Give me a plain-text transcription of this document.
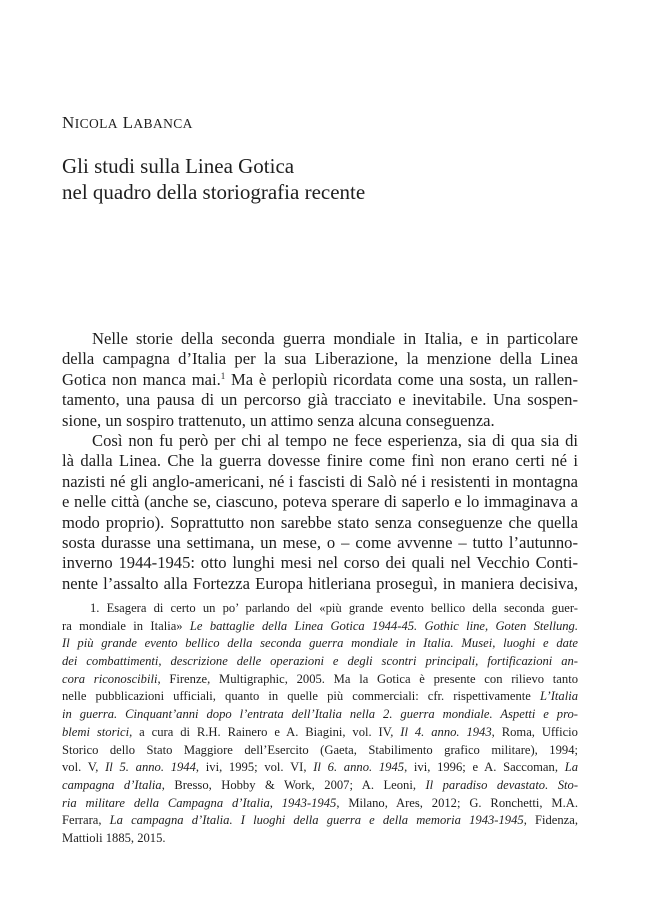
NICOLA LABANCA
Gli studi sulla Linea Gotica
nel quadro della storiografia recente
Nelle storie della seconda guerra mondiale in Italia, e in particolare
della campagna d’Italia per la sua Liberazione, la menzione della Linea
Gotica non manca mai.$^1$ Ma è perlopiù ricordata come una sosta, un rallen-
tamento, una pausa di un percorso già tracciato e inevitabile. Una sospen-
sione, un sospiro trattenuto, un attimo senza alcuna conseguenza.
Così non fu però per chi al tempo ne fece esperienza, sia di qua sia di
là dalla Linea. Che la guerra dovesse finire come finì non erano certi né i
nazisti né gli anglo-americani, né i fascisti di Salò né i resistenti in montagna
e nelle città (anche se, ciascuno, poteva sperare di saperlo e lo immaginava a
modo proprio). Soprattutto non sarebbe stato senza conseguenze che quella
sosta durasse una settimana, un mese, o – come avvenne – tutto l’autunno-
inverno 1944-1945: otto lunghi mesi nel corso dei quali nel Vecchio Conti-
nente l’assalto alla Fortezza Europa hitleriana proseguì, in maniera decisiva,
1. Esagera di certo un po’ parlando del «più grande evento bellico della seconda guer-
ra mondiale in Italia» Le battaglie della Linea Gotica 1944-45. Gothic line, Goten Stellung.
Il più grande evento bellico della seconda guerra mondiale in Italia. Musei, luoghi e date
dei combattimenti, descrizione delle operazioni e degli scontri principali, fortificazioni an-
cora riconoscibili, Firenze, Multigraphic, 2005. Ma la Gotica è presente con rilievo tanto
nelle pubblicazioni ufficiali, quanto in quelle più commerciali: cfr. rispettivamente L’Italia
in guerra. Cinquant’anni dopo l’entrata dell’Italia nella 2. guerra mondiale. Aspetti e pro-
blemi storici, a cura di R.H. Rainero e A. Biagini, vol. IV, Il 4. anno. 1943, Roma, Ufficio
Storico dello Stato Maggiore dell’Esercito (Gaeta, Stabilimento grafico militare), 1994;
vol. V, Il 5. anno. 1944, ivi, 1995; vol. VI, Il 6. anno. 1945, ivi, 1996; e A. Saccoman, La
campagna d’Italia, Bresso, Hobby & Work, 2007; A. Leoni, Il paradiso devastato. Sto-
ria militare della Campagna d’Italia, 1943-1945, Milano, Ares, 2012; G. Ronchetti, M.A.
Ferrara, La campagna d’Italia. I luoghi della guerra e della memoria 1943-1945, Fidenza,
Mattioli 1885, 2015.
